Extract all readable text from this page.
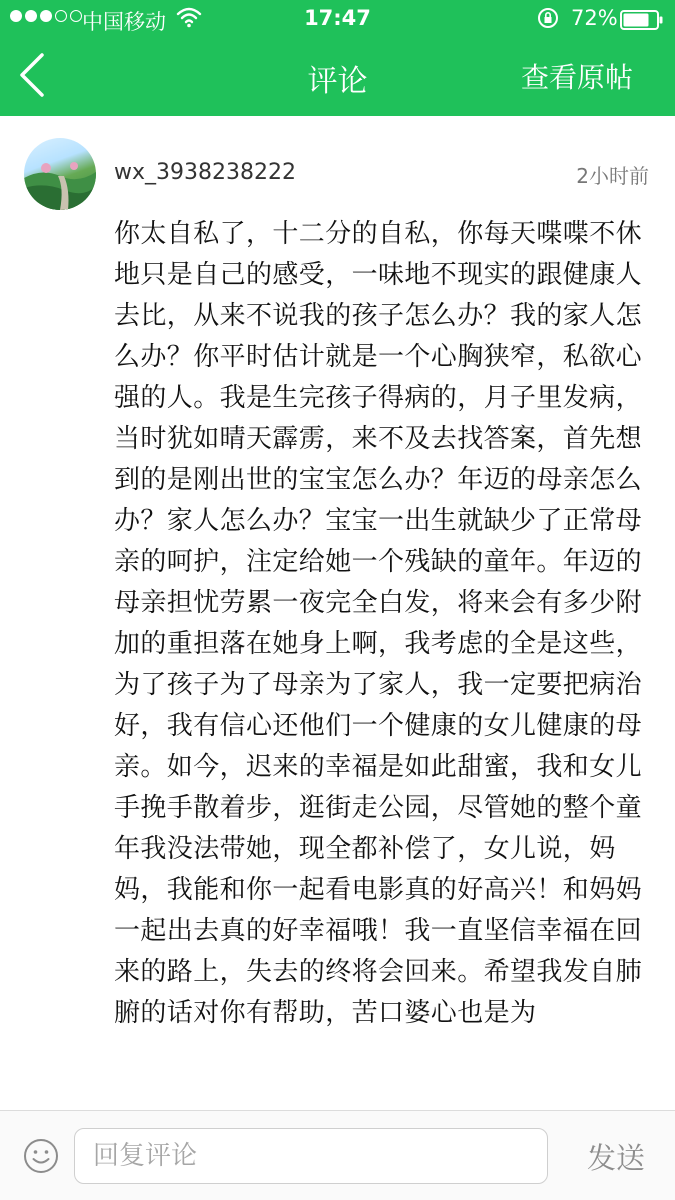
中国移动	17:47	72%
评论	查看原帖
wx_3938238222	2小时前
你太自私了，十二分的自私，你每天喋喋不休地只是自己的感受，一味地不现实的跟健康人去比，从来不说我的孩子怎么办？我的家人怎么办？你平时估计就是一个心胸狭窄，私欲心强的人。我是生完孩子得病的，月子里发病，当时犹如晴天霹雳，来不及去找答案，首先想到的是刚出世的宝宝怎么办？年迈的母亲怎么办？家人怎么办？宝宝一出生就缺少了正常母亲的呵护，注定给她一个残缺的童年。年迈的母亲担忧劳累一夜完全白发，将来会有多少附加的重担落在她身上啊，我考虑的全是这些，为了孩子为了母亲为了家人，我一定要把病治好，我有信心还他们一个健康的女儿健康的母亲。如今，迟来的幸福是如此甜蜜，我和女儿手挽手散着步，逛街走公园，尽管她的整个童年我没法带她，现全都补偿了，女儿说，妈妈，我能和你一起看电影真的好高兴！和妈妈一起出去真的好幸福哦！我一直坚信幸福在回来的路上，失去的终将会回来。希望我发自肺腑的话对你有帮助，苦口婆心也是为
回复评论
发送
